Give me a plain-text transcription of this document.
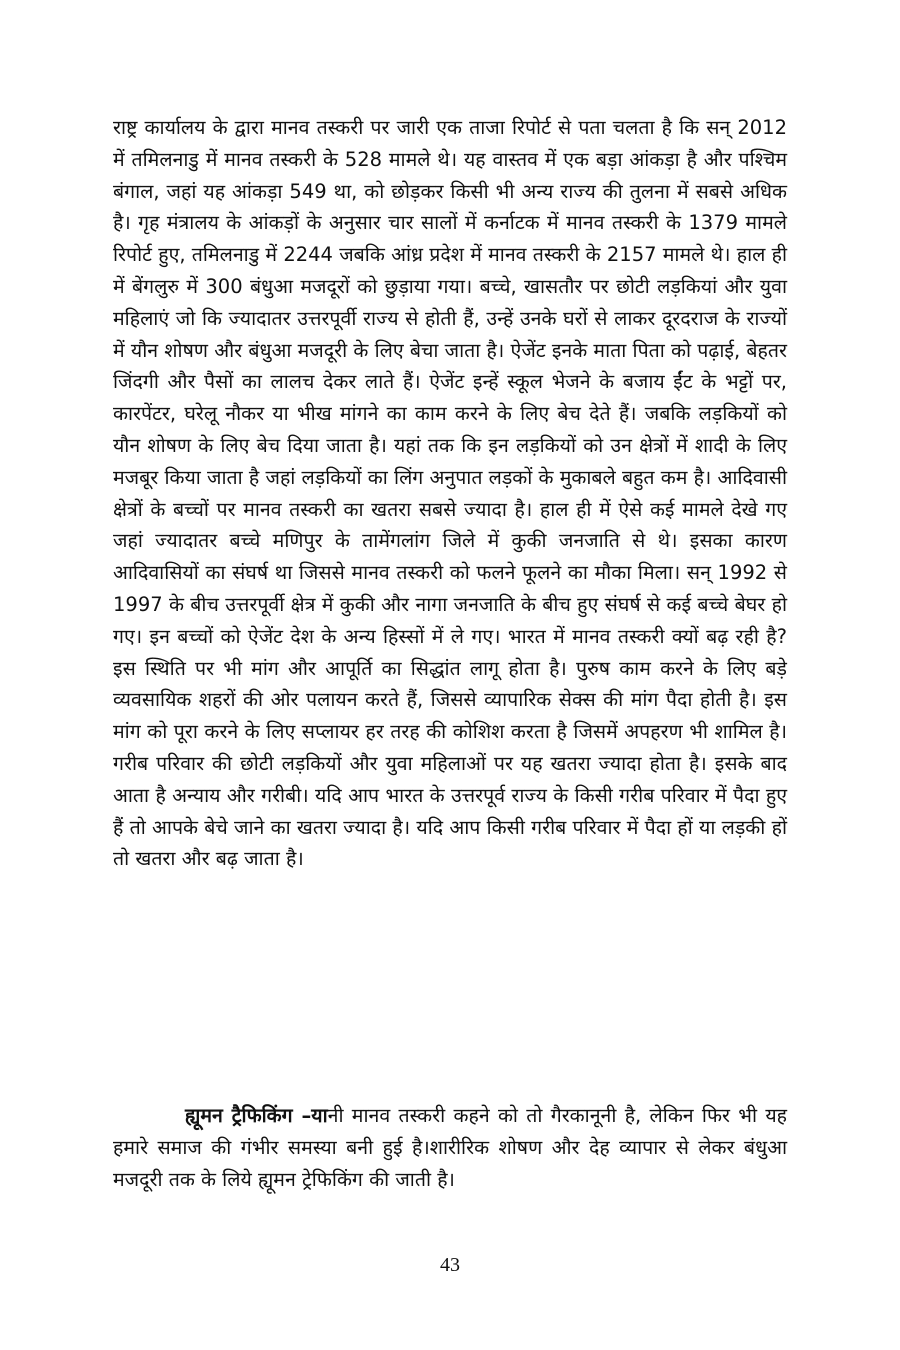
राष्ट्र कार्यालय के द्वारा मानव तस्करी पर जारी एक ताजा रिपोर्ट से पता चलता है कि सन् 2012 में तमिलनाडु में मानव तस्करी के 528 मामले थे। यह वास्तव में एक बड़ा आंकड़ा है और पश्चिम बंगाल, जहां यह आंकड़ा 549 था, को छोड़कर किसी भी अन्य राज्य की तुलना में सबसे अधिक है। गृह मंत्रालय के आंकड़ों के अनुसार चार सालों में कर्नाटक में मानव तस्करी के 1379 मामले रिपोर्ट हुए, तमिलनाडु में 2244 जबकि आंध्र प्रदेश में मानव तस्करी के 2157 मामले थे। हाल ही में बेंगलुरु में 300 बंधुआ मजदूरों को छुड़ाया गया। बच्चे, खासतौर पर छोटी लड़कियां और युवा महिलाएं जो कि ज्यादातर उत्तरपूर्वी राज्य से होती हैं, उन्हें उनके घरों से लाकर दूरदराज के राज्यों में यौन शोषण और बंधुआ मजदूरी के लिए बेचा जाता है। ऐजेंट इनके माता पिता को पढ़ाई, बेहतर जिंदगी और पैसों का लालच देकर लाते हैं। ऐजेंट इन्हें स्कूल भेजने के बजाय ईंट के भट्टों पर, कारपेंटर, घरेलू नौकर या भीख मांगने का काम करने के लिए बेच देते हैं। जबकि लड़कियों को यौन शोषण के लिए बेच दिया जाता है। यहां तक कि इन लड़कियों को उन क्षेत्रों में शादी के लिए मजबूर किया जाता है जहां लड़कियों का लिंग अनुपात लड़कों के मुकाबले बहुत कम है। आदिवासी क्षेत्रों के बच्चों पर मानव तस्करी का खतरा सबसे ज्यादा है। हाल ही में ऐसे कई मामले देखे गए जहां ज्यादातर बच्चे मणिपुर के तामेंगलांग जिले में कुकी जनजाति से थे। इसका कारण आदिवासियों का संघर्ष था जिससे मानव तस्करी को फलने फूलने का मौका मिला। सन् 1992 से 1997 के बीच उत्तरपूर्वी क्षेत्र में कुकी और नागा जनजाति के बीच हुए संघर्ष से कई बच्चे बेघर हो गए। इन बच्चों को ऐजेंट देश के अन्य हिस्सों में ले गए। भारत में मानव तस्करी क्यों बढ़ रही है? इस स्थिति पर भी मांग और आपूर्ति का सिद्धांत लागू होता है। पुरुष काम करने के लिए बड़े व्यवसायिक शहरों की ओर पलायन करते हैं, जिससे व्यापारिक सेक्स की मांग पैदा होती है। इस मांग को पूरा करने के लिए सप्लायर हर तरह की कोशिश करता है जिसमें अपहरण भी शामिल है। गरीब परिवार की छोटी लड़कियों और युवा महिलाओं पर यह खतरा ज्यादा होता है। इसके बाद आता है अन्याय और गरीबी। यदि आप भारत के उत्तरपूर्व राज्य के किसी गरीब परिवार में पैदा हुए हैं तो आपके बेचे जाने का खतरा ज्यादा है। यदि आप किसी गरीब परिवार में पैदा हों या लड़की हों तो खतरा और बढ़ जाता है।

ह्यूमन ट्रैफिकिंग –यानी मानव तस्करी कहने को तो गैरकानूनी है, लेकिन फिर भी यह हमारे समाज की गंभीर समस्या बनी हुई है।शारीरिक शोषण और देह व्यापार से लेकर बंधुआ मजदूरी तक के लिये ह्यूमन ट्रेफिकिंग की जाती है।

43
